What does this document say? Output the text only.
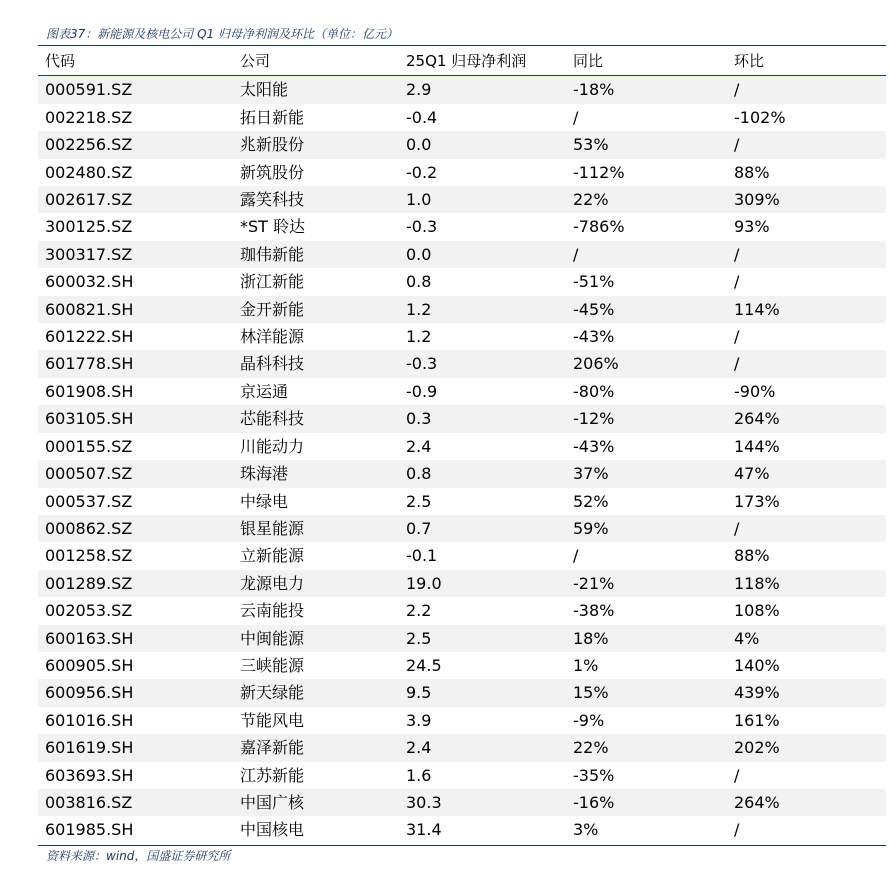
图表37：新能源及核电公司 Q1 归母净利润及环比（单位：亿元）
代码	公司	25Q1 归母净利润	同比	环比
000591.SZ	太阳能	2.9	-18%	/
002218.SZ	拓日新能	-0.4	/	-102%
002256.SZ	兆新股份	0.0	53%	/
002480.SZ	新筑股份	-0.2	-112%	88%
002617.SZ	露笑科技	1.0	22%	309%
300125.SZ	*ST 聆达	-0.3	-786%	93%
300317.SZ	珈伟新能	0.0	/	/
600032.SH	浙江新能	0.8	-51%	/
600821.SH	金开新能	1.2	-45%	114%
601222.SH	林洋能源	1.2	-43%	/
601778.SH	晶科科技	-0.3	206%	/
601908.SH	京运通	-0.9	-80%	-90%
603105.SH	芯能科技	0.3	-12%	264%
000155.SZ	川能动力	2.4	-43%	144%
000507.SZ	珠海港	0.8	37%	47%
000537.SZ	中绿电	2.5	52%	173%
000862.SZ	银星能源	0.7	59%	/
001258.SZ	立新能源	-0.1	/	88%
001289.SZ	龙源电力	19.0	-21%	118%
002053.SZ	云南能投	2.2	-38%	108%
600163.SH	中闽能源	2.5	18%	4%
600905.SH	三峡能源	24.5	1%	140%
600956.SH	新天绿能	9.5	15%	439%
601016.SH	节能风电	3.9	-9%	161%
601619.SH	嘉泽新能	2.4	22%	202%
603693.SH	江苏新能	1.6	-35%	/
003816.SZ	中国广核	30.3	-16%	264%
601985.SH	中国核电	31.4	3%	/
资料来源：wind，国盛证券研究所
